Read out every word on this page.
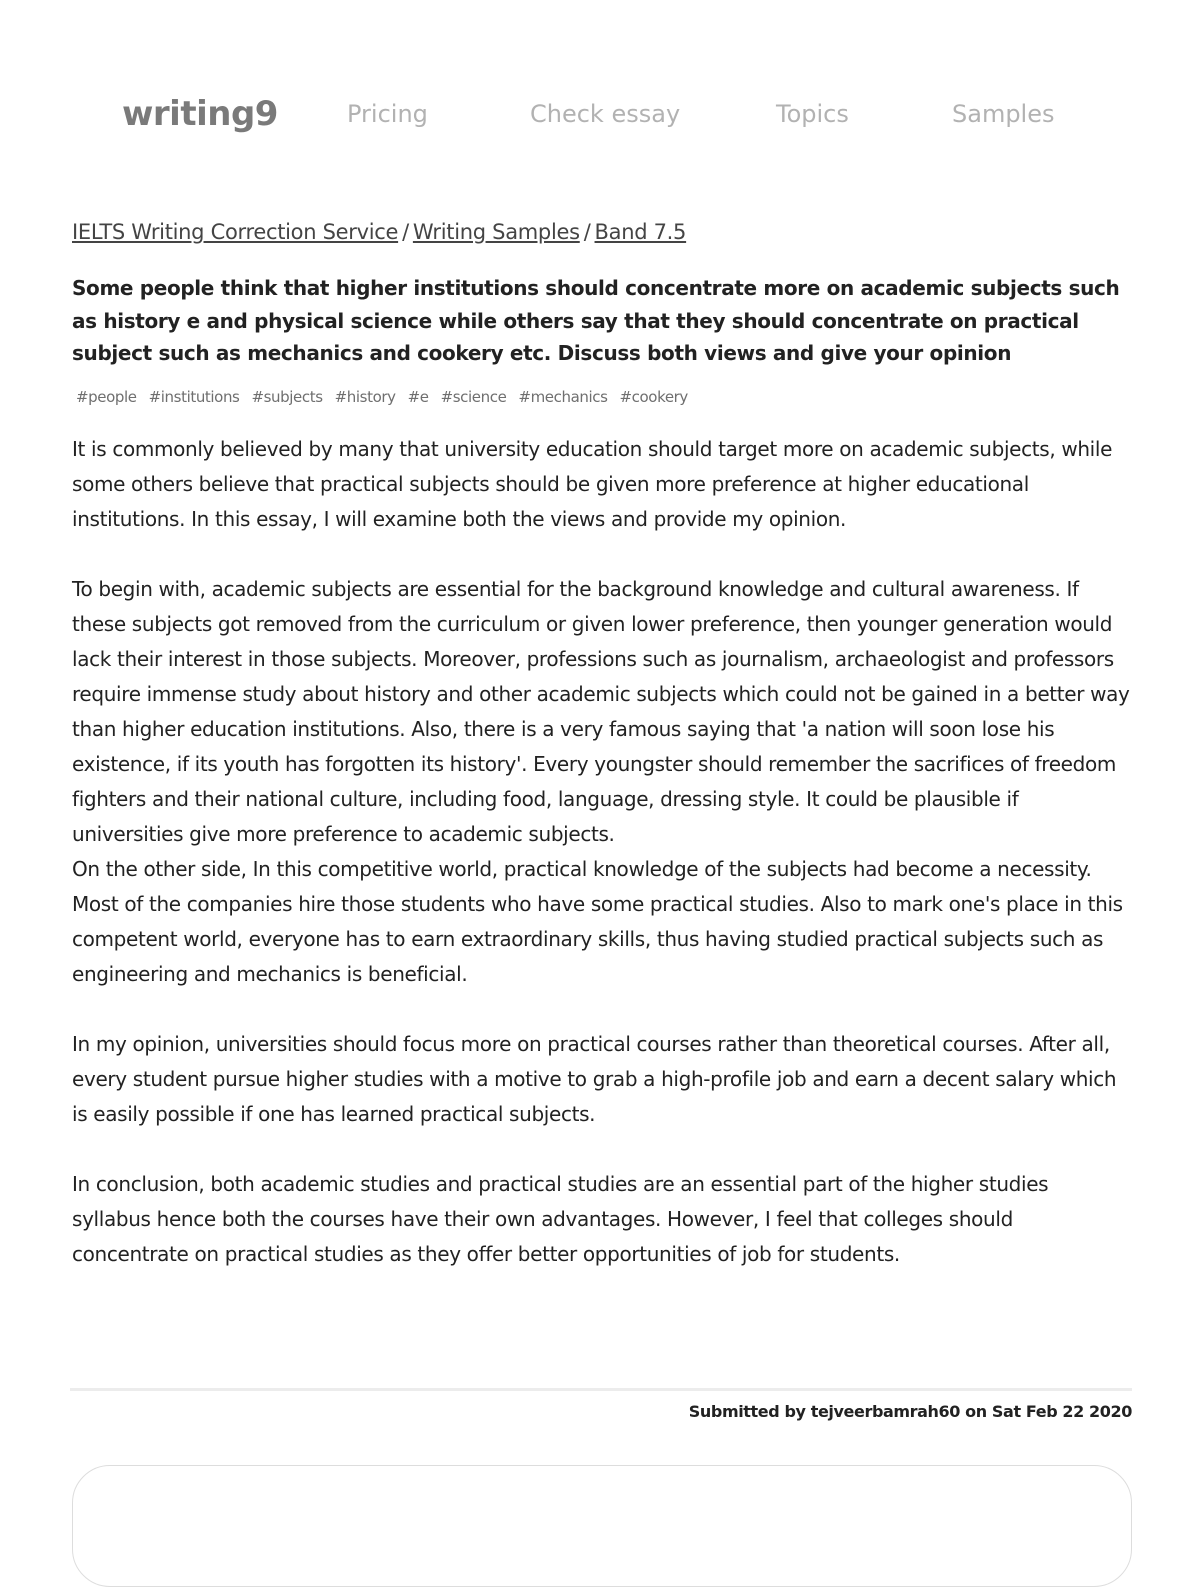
writing9	Pricing	Check essay	Topics	Samples
IELTS Writing Correction Service / Writing Samples / Band 7.5
Some people think that higher institutions should concentrate more on academic subjects such as history e and physical science while others say that they should concentrate on practical subject such as mechanics and cookery etc. Discuss both views and give your opinion
#people #institutions #subjects #history #e #science #mechanics #cookery

It is commonly believed by many that university education should target more on academic subjects, while some others believe that practical subjects should be given more preference at higher educational institutions. In this essay, I will examine both the views and provide my opinion.

To begin with, academic subjects are essential for the background knowledge and cultural awareness. If these subjects got removed from the curriculum or given lower preference, then younger generation would lack their interest in those subjects. Moreover, professions such as journalism, archaeologist and professors require immense study about history and other academic subjects which could not be gained in a better way than higher education institutions. Also, there is a very famous saying that 'a nation will soon lose his existence, if its youth has forgotten its history'. Every youngster should remember the sacrifices of freedom fighters and their national culture, including food, language, dressing style. It could be plausible if universities give more preference to academic subjects.

On the other side, In this competitive world, practical knowledge of the subjects had become a necessity. Most of the companies hire those students who have some practical studies. Also to mark one's place in this competent world, everyone has to earn extraordinary skills, thus having studied practical subjects such as engineering and mechanics is beneficial.

In my opinion, universities should focus more on practical courses rather than theoretical courses. After all, every student pursue higher studies with a motive to grab a high-profile job and earn a decent salary which is easily possible if one has learned practical subjects.

In conclusion, both academic studies and practical studies are an essential part of the higher studies syllabus hence both the courses have their own advantages. However, I feel that colleges should concentrate on practical studies as they offer better opportunities of job for students.

Submitted by tejveerbamrah60 on Sat Feb 22 2020
